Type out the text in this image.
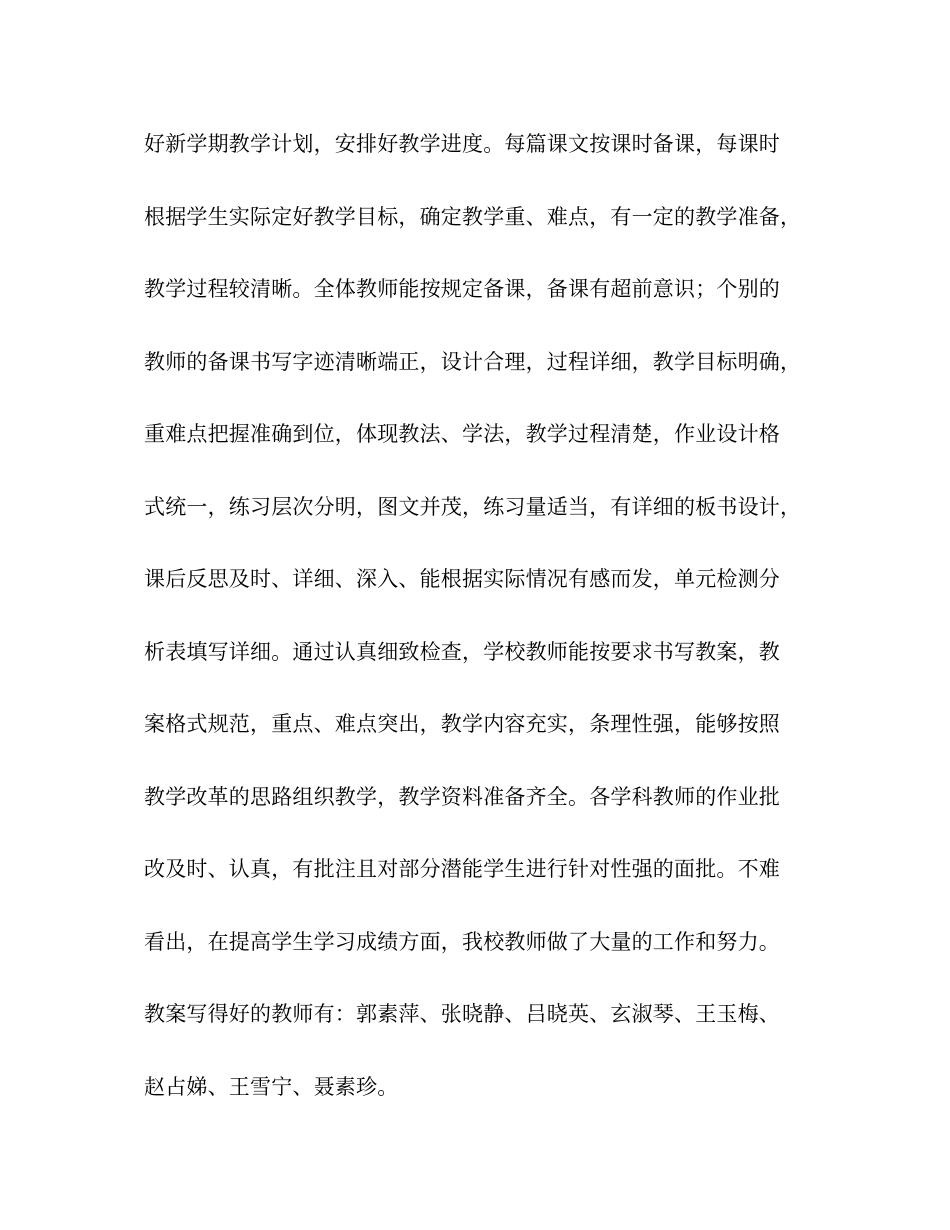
好新学期教学计划，安排好教学进度。每篇课文按课时备课，每课时
根据学生实际定好教学目标，确定教学重、难点，有一定的教学准备，
教学过程较清晰。全体教师能按规定备课，备课有超前意识；个别的
教师的备课书写字迹清晰端正，设计合理，过程详细，教学目标明确，
重难点把握准确到位，体现教法、学法，教学过程清楚，作业设计格
式统一，练习层次分明，图文并茂，练习量适当，有详细的板书设计，
课后反思及时、详细、深入、能根据实际情况有感而发，单元检测分
析表填写详细。通过认真细致检查，学校教师能按要求书写教案，教
案格式规范，重点、难点突出，教学内容充实，条理性强，能够按照
教学改革的思路组织教学，教学资料准备齐全。各学科教师的作业批
改及时、认真，有批注且对部分潜能学生进行针对性强的面批。不难
看出，在提高学生学习成绩方面，我校教师做了大量的工作和努力。
教案写得好的教师有：郭素萍、张晓静、吕晓英、玄淑琴、王玉梅、
赵占娣、王雪宁、聂素珍。
